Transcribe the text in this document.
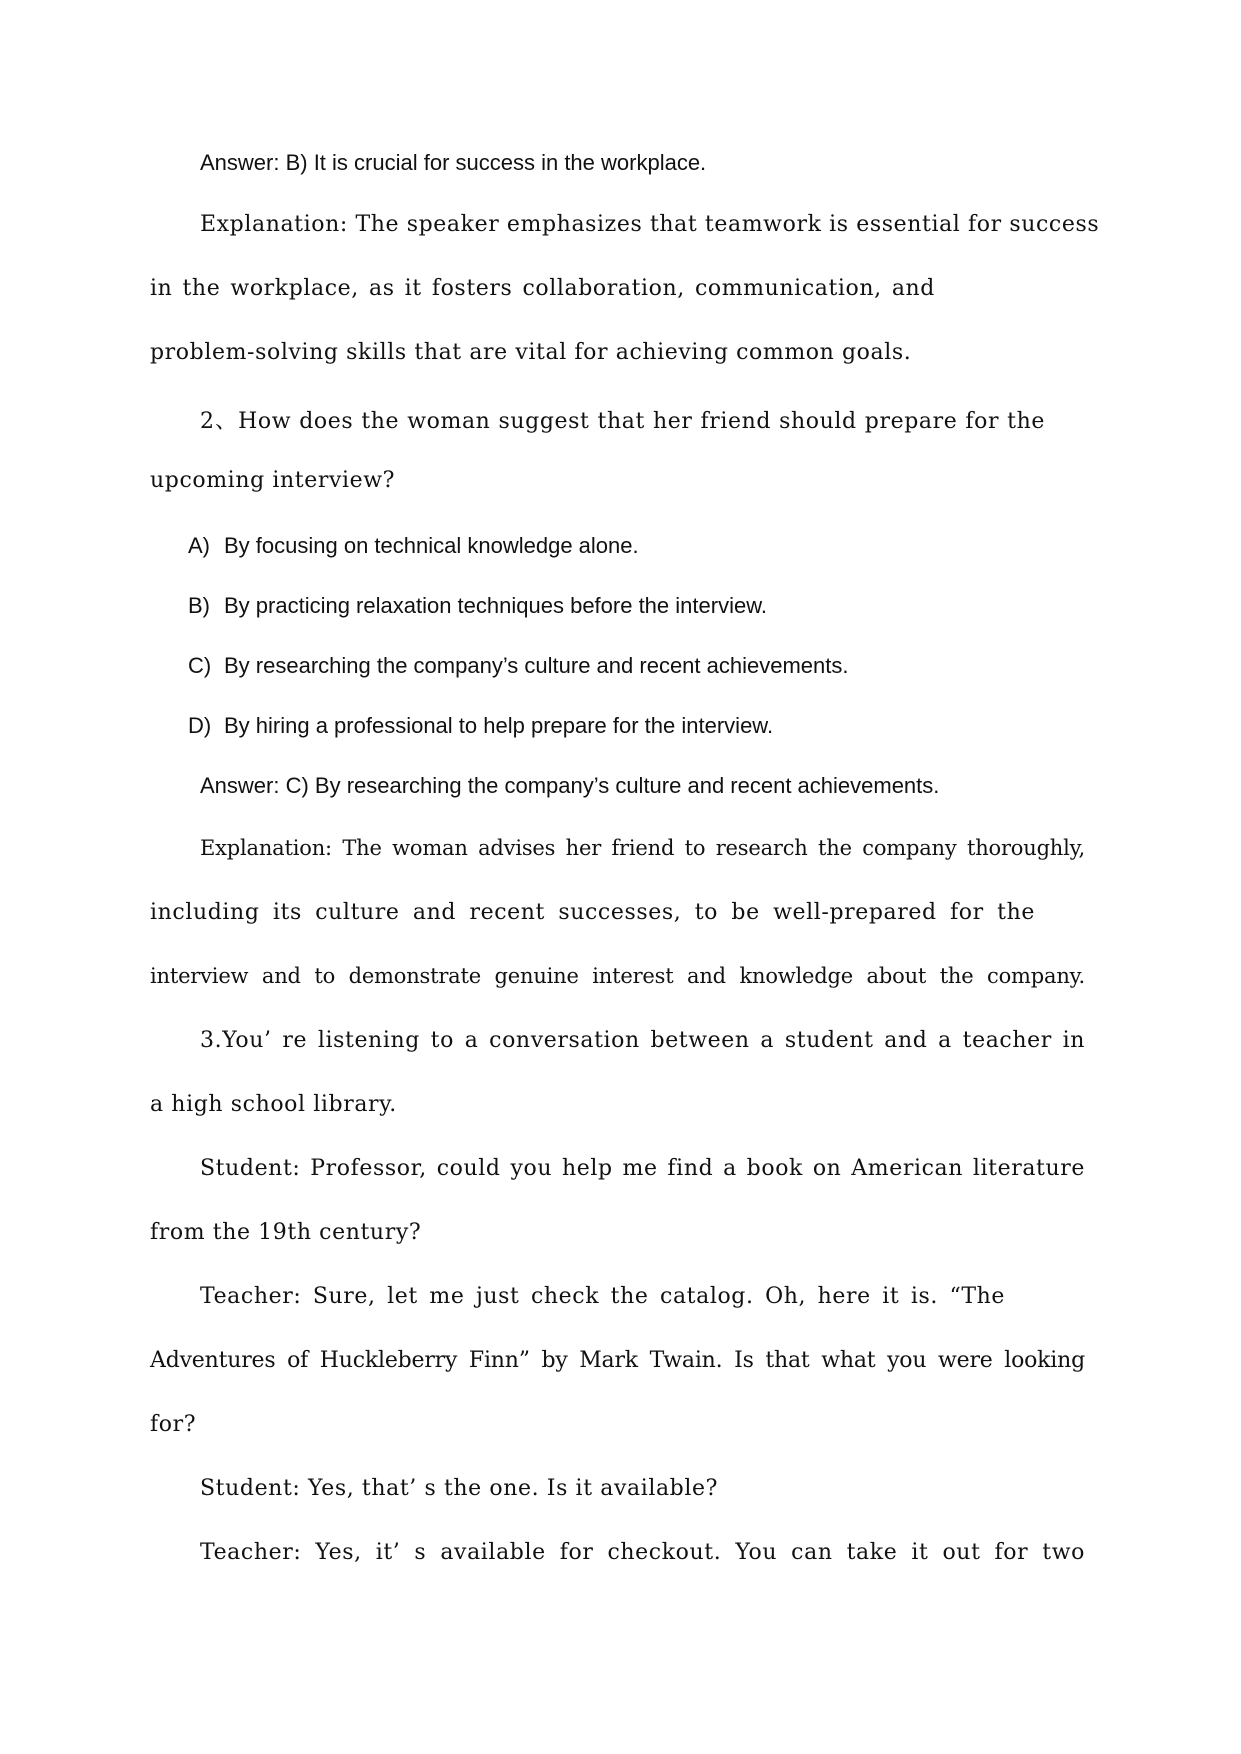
Answer: B) It is crucial for success in the workplace.

Explanation: The speaker emphasizes that teamwork is essential for success

in the workplace, as it fosters collaboration, communication, and

problem-solving skills that are vital for achieving common goals.

2、How does the woman suggest that her friend should prepare for the

upcoming interview?

A) By focusing on technical knowledge alone.
B) By practicing relaxation techniques before the interview.
C) By researching the company’s culture and recent achievements.
D) By hiring a professional to help prepare for the interview.

Answer: C) By researching the company’s culture and recent achievements.

Explanation: The woman advises her friend to research the company thoroughly,

including its culture and recent successes, to be well-prepared for the

interview and to demonstrate genuine interest and knowledge about the company.

3.You’ re listening to a conversation between a student and a teacher in

a high school library.

Student: Professor, could you help me find a book on American literature

from the 19th century?

Teacher: Sure, let me just check the catalog. Oh, here it is. “The

Adventures of Huckleberry Finn” by Mark Twain. Is that what you were looking

for?

Student: Yes, that’ s the one. Is it available?

Teacher: Yes, it’ s available for checkout. You can take it out for two
